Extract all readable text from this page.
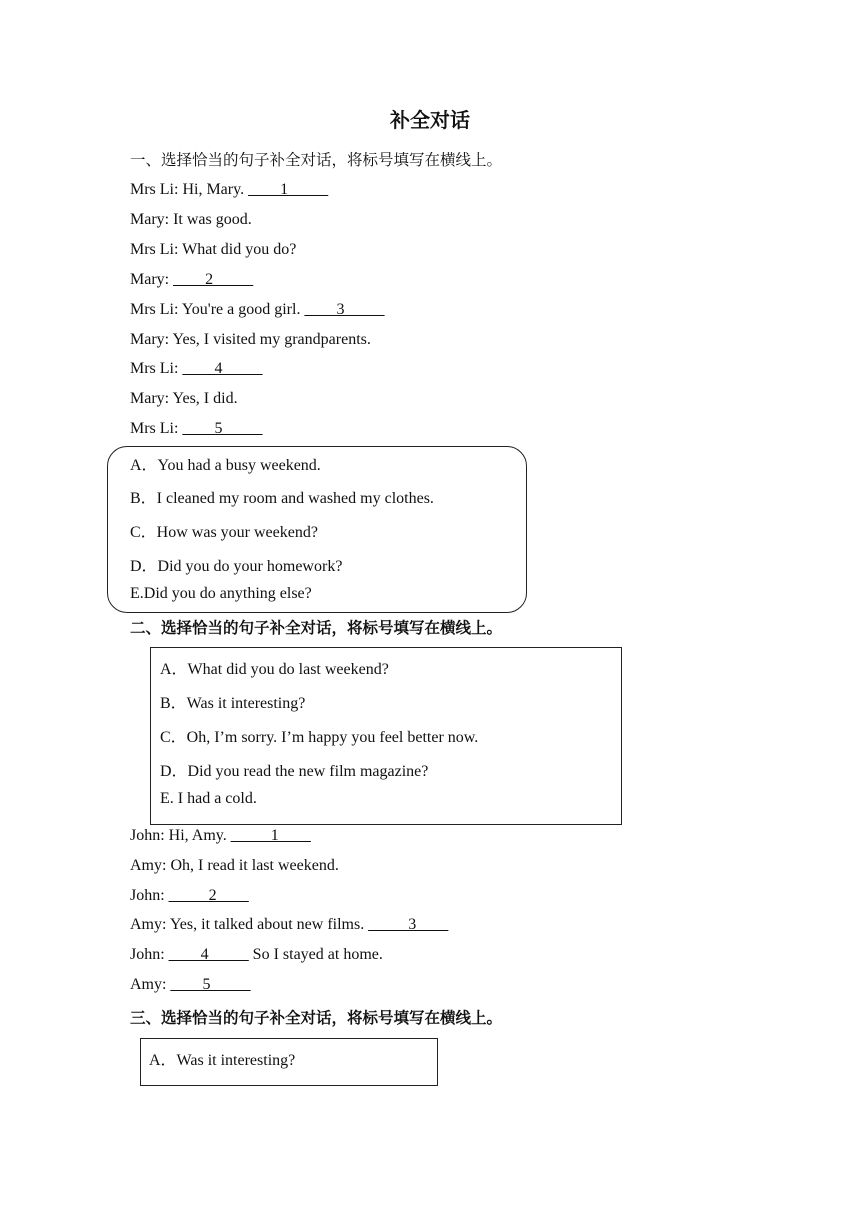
补全对话
一、选择恰当的句子补全对话，将标号填写在横线上。
Mrs Li: Hi, Mary. ____1_____
Mary: It was good.
Mrs Li: What did you do?
Mary: ____2_____
Mrs Li: You're a good girl. ____3_____
Mary: Yes, I visited my grandparents.
Mrs Li: ____4_____
Mary: Yes, I did.
Mrs Li: ____5_____
A．You had a busy weekend.
B．I cleaned my room and washed my clothes.
C．How was your weekend?
D．Did you do your homework?
E.Did you do anything else?
二、选择恰当的句子补全对话，将标号填写在横线上。
A．What did you do last weekend?
B．Was it interesting?
C．Oh, I’m sorry. I’m happy you feel better now.
D．Did you read the new film magazine?
E. I had a cold.
John: Hi, Amy. _____1____
Amy: Oh, I read it last weekend.
John: _____2____
Amy: Yes, it talked about new films. _____3____
John: ____4_____ So I stayed at home.
Amy: ____5_____
三、选择恰当的句子补全对话，将标号填写在横线上。
A．Was it interesting?
